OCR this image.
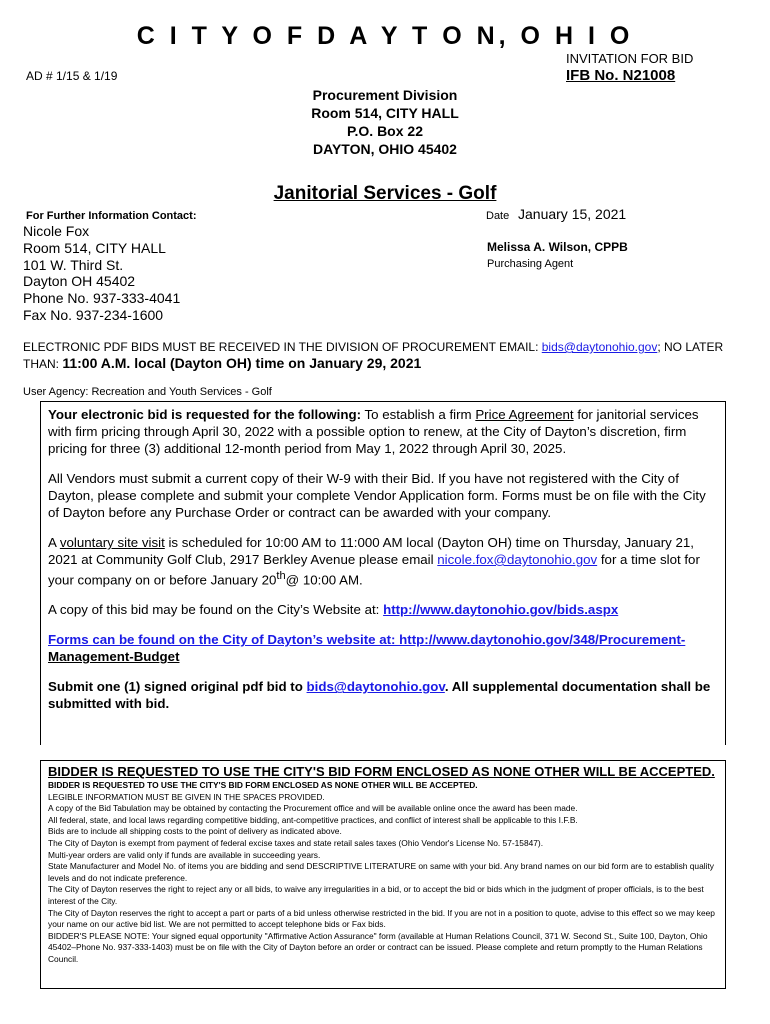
C I T Y O F D A Y T O N, O H I O
INVITATION FOR BID
IFB No. N21008
AD # 1/15 & 1/19
Procurement Division
Room 514, CITY HALL
P.O. Box 22
DAYTON, OHIO 45402
Janitorial Services - Golf
For Further Information Contact:
Nicole Fox
Room 514, CITY HALL
101 W. Third St.
Dayton OH 45402
Phone No. 937-333-4041
Fax No. 937-234-1600
Date January 15, 2021
Melissa A. Wilson, CPPB
Purchasing Agent
ELECTRONIC PDF BIDS MUST BE RECEIVED IN THE DIVISION OF PROCUREMENT EMAIL: bids@daytonohio.gov; NO LATER THAN: 11:00 A.M. local (Dayton OH) time on January 29, 2021
User Agency: Recreation and Youth Services - Golf

Your electronic bid is requested for the following: To establish a firm Price Agreement for janitorial services with firm pricing through April 30, 2022 with a possible option to renew, at the City of Dayton’s discretion, firm pricing for three (3) additional 12-month period from May 1, 2022 through April 30, 2025.

All Vendors must submit a current copy of their W-9 with their Bid. If you have not registered with the City of Dayton, please complete and submit your complete Vendor Application form. Forms must be on file with the City of Dayton before any Purchase Order or contract can be awarded with your company.

A voluntary site visit is scheduled for 10:00 AM to 11:000 AM local (Dayton OH) time on Thursday, January 21, 2021 at Community Golf Club, 2917 Berkley Avenue please email nicole.fox@daytonohio.gov for a time slot for your company on or before January 20th@ 10:00 AM.

A copy of this bid may be found on the City’s Website at: http://www.daytonohio.gov/bids.aspx

Forms can be found on the City of Dayton’s website at: http://www.daytonohio.gov/348/Procurement-
Management-Budget

Submit one (1) signed original pdf bid to bids@daytonohio.gov. All supplemental documentation shall be submitted with bid.

BIDDER IS REQUESTED TO USE THE CITY'S BID FORM ENCLOSED AS NONE OTHER WILL BE ACCEPTED.
BIDDER IS REQUESTED TO USE THE CITY'S BID FORM ENCLOSED AS NONE OTHER WILL BE ACCEPTED.
LEGIBLE INFORMATION MUST BE GIVEN IN THE SPACES PROVIDED.
A copy of the Bid Tabulation may be obtained by contacting the Procurement office and will be available online once the award has been made.
All federal, state, and local laws regarding competitive bidding, ant-competitive practices, and conflict of interest shall be applicable to this I.F.B.
Bids are to include all shipping costs to the point of delivery as indicated above.
The City of Dayton is exempt from payment of federal excise taxes and state retail sales taxes (Ohio Vendor's License No. 57-15847).
Multi-year orders are valid only if funds are available in succeeding years.
State Manufacturer and Model No. of items you are bidding and send DESCRIPTIVE LITERATURE on same with your bid. Any brand names on our bid form are to establish quality levels and do not indicate preference.
The City of Dayton reserves the right to reject any or all bids, to waive any irregularities in a bid, or to accept the bid or bids which in the judgment of proper officials, is to the best interest of the City.
The City of Dayton reserves the right to accept a part or parts of a bid unless otherwise restricted in the bid. If you are not in a position to quote, advise to this effect so we may keep your name on our active bid list. We are not permitted to accept telephone bids or Fax bids.
BIDDER'S PLEASE NOTE: Your signed equal opportunity "Affirmative Action Assurance" form (available at Human Relations Council, 371 W. Second St., Suite 100, Dayton, Ohio 45402–Phone No. 937-333-1403) must be on file with the City of Dayton before an order or contract can be issued. Please complete and return promptly to the Human Relations Council.
